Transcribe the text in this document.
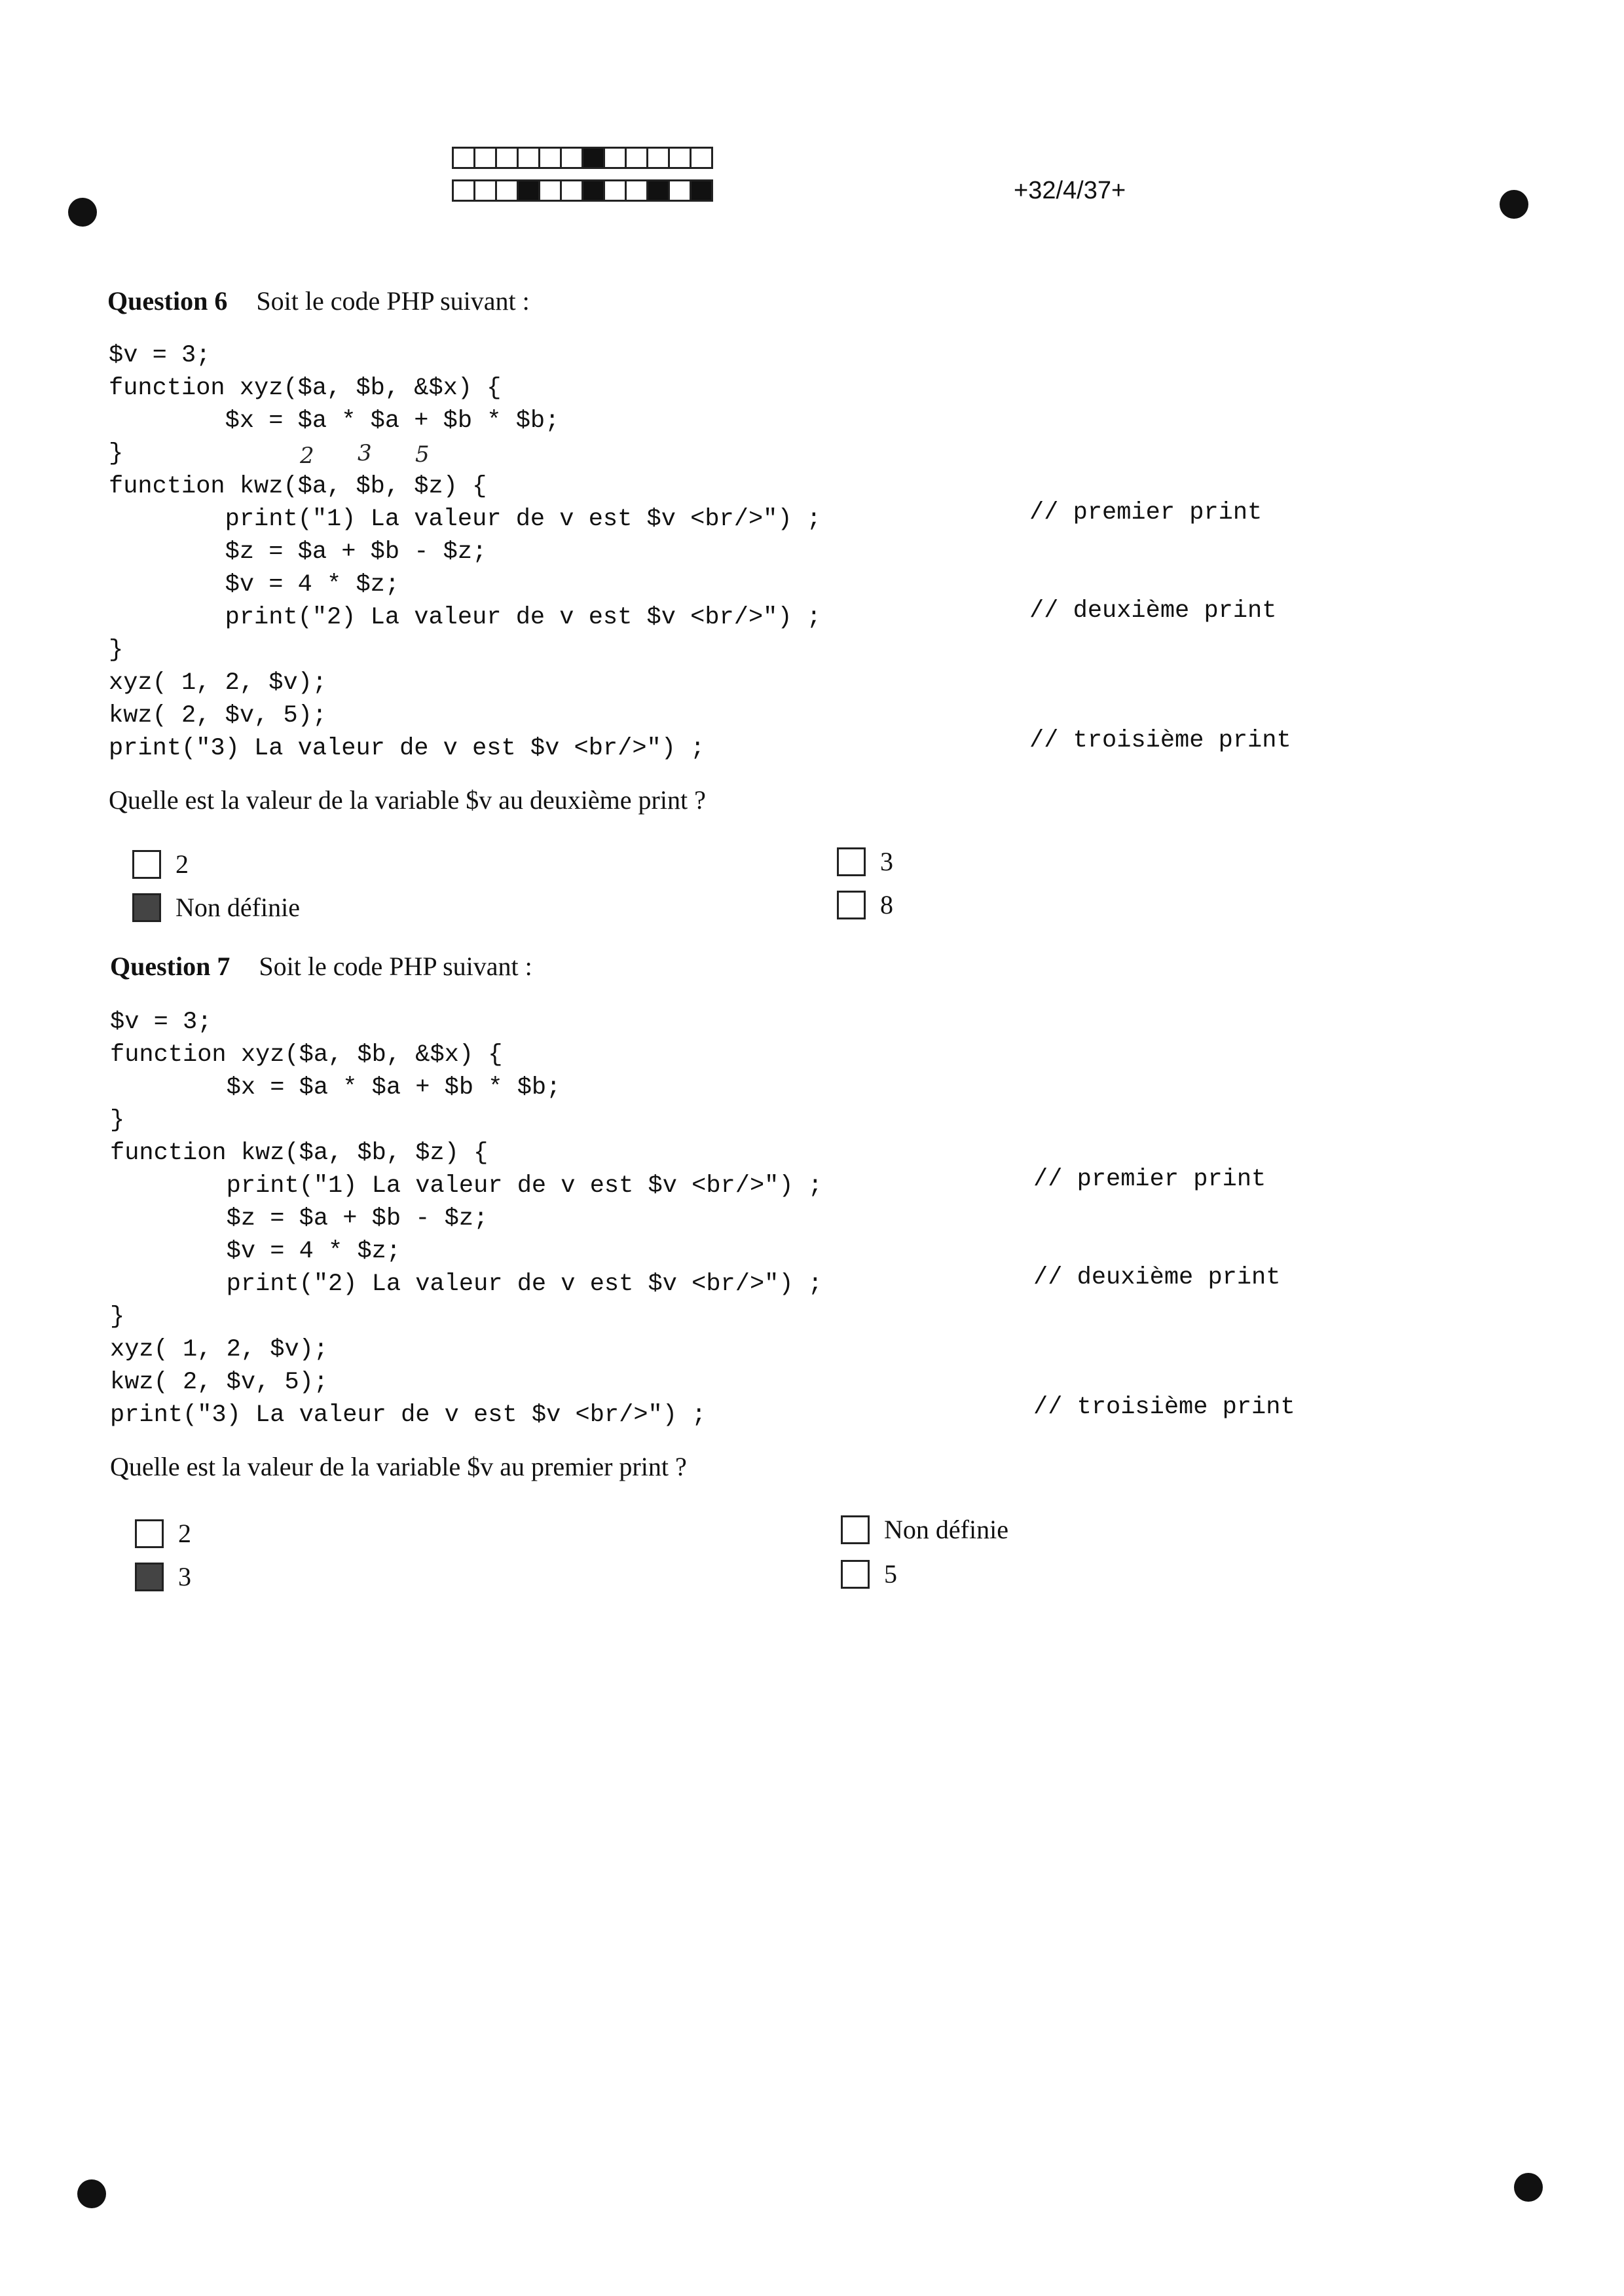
+32/4/37+
Question 6 Soit le code PHP suivant :
$v = 3;
function xyz($a, $b, &$x) {
$x = $a * $a + $b * $b;
}
function kwz($a, $b, $z) {
print("1) La valeur de v est $v <br/>") ;
$z = $a + $b - $z;
$v = 4 * $z;
print("2) La valeur de v est $v <br/>") ;
}
xyz( 1, 2, $v);
kwz( 2, $v, 5);
print("3) La valeur de v est $v <br/>") ;
2 3 5
// premier print
// deuxième print
// troisième print
Quelle est la valeur de la variable $v au deuxième print ?
2
Non définie
3
8
Question 7 Soit le code PHP suivant :
$v = 3;
function xyz($a, $b, &$x) {
$x = $a * $a + $b * $b;
}
function kwz($a, $b, $z) {
print("1) La valeur de v est $v <br/>") ;
$z = $a + $b - $z;
$v = 4 * $z;
print("2) La valeur de v est $v <br/>") ;
}
xyz( 1, 2, $v);
kwz( 2, $v, 5);
print("3) La valeur de v est $v <br/>") ;
// premier print
// deuxième print
// troisième print
Quelle est la valeur de la variable $v au premier print ?
2
3
Non définie
5
